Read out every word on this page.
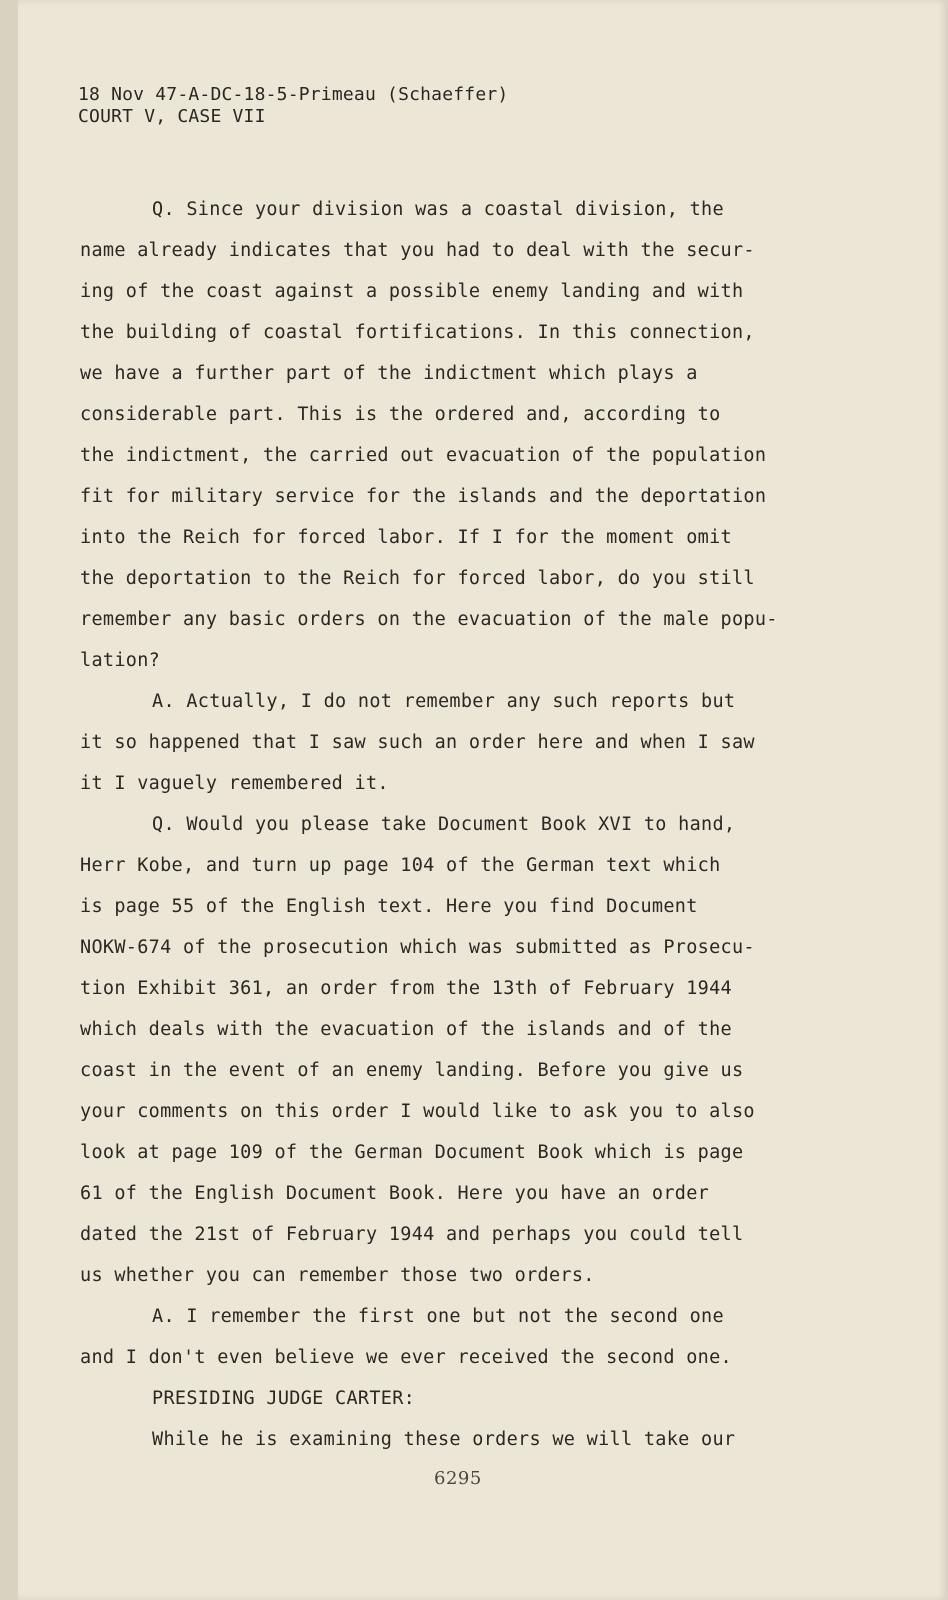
18 Nov 47-A-DC-18-5-Primeau (Schaeffer)
COURT V, CASE VII
Q. Since your division was a coastal division, the
name already indicates that you had to deal with the secur-
ing of the coast against a possible enemy landing and with
the building of coastal fortifications. In this connection,
we have a further part of the indictment which plays a
considerable part. This is the ordered and, according to
the indictment, the carried out evacuation of the population
fit for military service for the islands and the deportation
into the Reich for forced labor. If I for the moment omit
the deportation to the Reich for forced labor, do you still
remember any basic orders on the evacuation of the male popu-
lation?
A. Actually, I do not remember any such reports but
it so happened that I saw such an order here and when I saw
it I vaguely remembered it.
Q. Would you please take Document Book XVI to hand,
Herr Kobe, and turn up page 104 of the German text which
is page 55 of the English text. Here you find Document
NOKW-674 of the prosecution which was submitted as Prosecu-
tion Exhibit 361, an order from the 13th of February 1944
which deals with the evacuation of the islands and of the
coast in the event of an enemy landing. Before you give us
your comments on this order I would like to ask you to also
look at page 109 of the German Document Book which is page
61 of the English Document Book. Here you have an order
dated the 21st of February 1944 and perhaps you could tell
us whether you can remember those two orders.
A. I remember the first one but not the second one
and I don't even believe we ever received the second one.
PRESIDING JUDGE CARTER:
While he is examining these orders we will take our
6295
